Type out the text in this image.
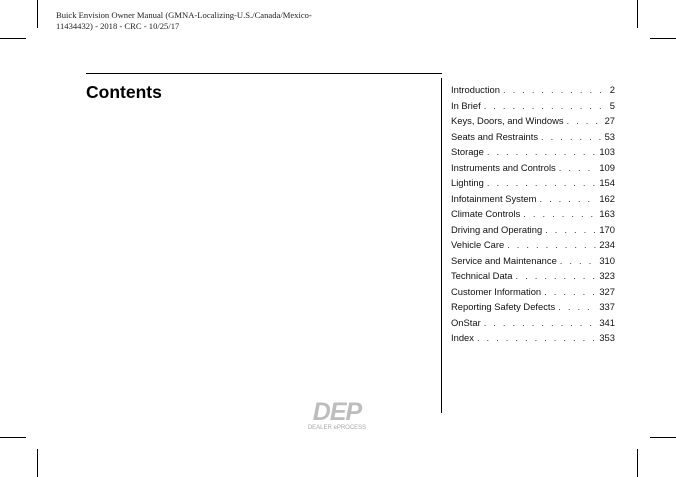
Buick Envision Owner Manual (GMNA-Localizing-U.S./Canada/Mexico-
11434432) - 2018 - CRC - 10/25/17
Contents	Introduction . . .	2
In Brief . . .	5
Keys, Doors, and Windows . . .	27
Seats and Restraints . . .	53
Storage . . .	103
Instruments and Controls . . .	109
Lighting . . .	154
Infotainment System . . .	162
Climate Controls . . .	163
Driving and Operating . . .	170
Vehicle Care . . .	234
Service and Maintenance . . .	310
Technical Data . . .	323
Customer Information . . .	327
Reporting Safety Defects . . .	337
OnStar . . .	341
Index . . .	353
DEP
DEALER ePROCESS
